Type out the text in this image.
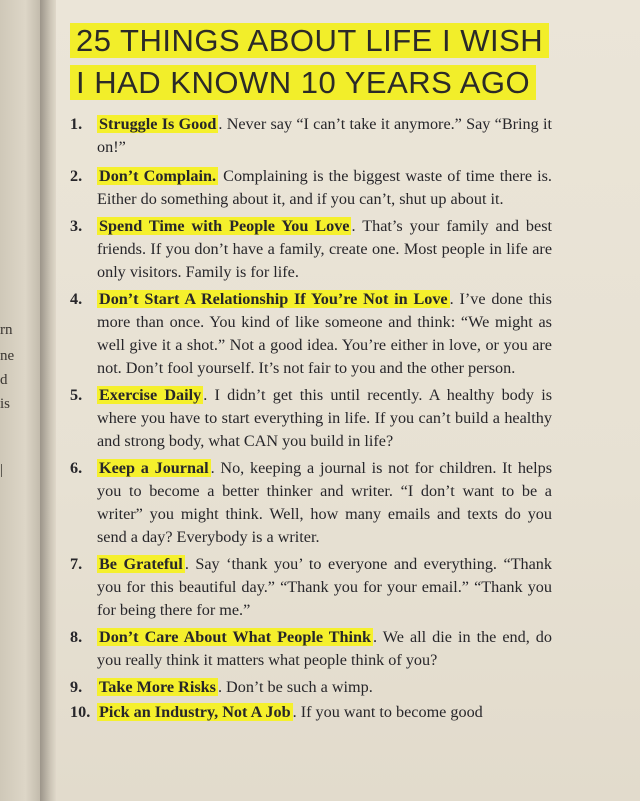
rn
ne
d
is
|
25 THINGS ABOUT LIFE I WISH
I HAD KNOWN 10 YEARS AGO
1. Struggle Is Good . Never say “I can’t take it anymore.” Say “Bring it on!”
2. Don’t Complain. Complaining is the biggest waste of time there is. Either do something about it, and if you can’t, shut up about it.
3. Spend Time with People You Love . That’s your family and best friends. If you don’t have a family, create one. Most people in life are only visitors. Family is for life.
4. Don’t Start A Relationship If You’re Not in Love . I’ve done this more than once. You kind of like someone and think: “We might as well give it a shot.” Not a good idea. You’re either in love, or you are not. Don’t fool yourself. It’s not fair to you and the other person.
5. Exercise Daily . I didn’t get this until recently. A healthy body is where you have to start everything in life. If you can’t build a healthy and strong body, what CAN you build in life?
6. Keep a Journal . No, keeping a journal is not for children. It helps you to become a better thinker and writer. “I don’t want to be a writer” you might think. Well, how many emails and texts do you send a day? Everybody is a writer.
7. Be Grateful . Say ‘thank you’ to everyone and everything. “Thank you for this beautiful day.” “Thank you for your email.” “Thank you for being there for me.”
8. Don’t Care About What People Think . We all die in the end, do you really think it matters what people think of you?
9. Take More Risks . Don’t be such a wimp.
10. Pick an Industry, Not A Job . If you want to become good
